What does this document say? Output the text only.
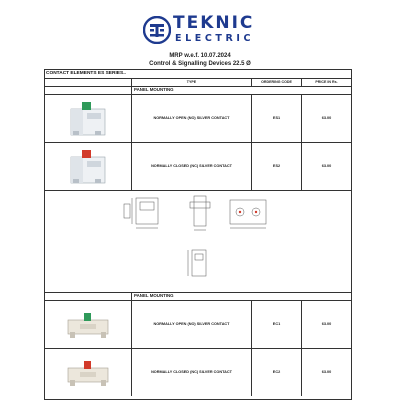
TEKNIC
ELECTRIC
MRP w.e.f. 10.07.2024
Control & Signalling Devices 22.5 Ø
CONTACT ELEMENTS ES SERIES..
TYPE	ORDERING CODE	PRICE IN Rs.
PANEL MOUNTING
NORMALLY OPEN (NO) SILVER CONTACT	ES1	63.00
NORMALLY CLOSED (NC) SILVER CONTACT	ES2	63.00
PANEL MOUNTING
NORMALLY OPEN (NO) SILVER CONTACT	EC1	63.00
NORMALLY CLOSED (NC) SILVER CONTACT	EC2	63.00
